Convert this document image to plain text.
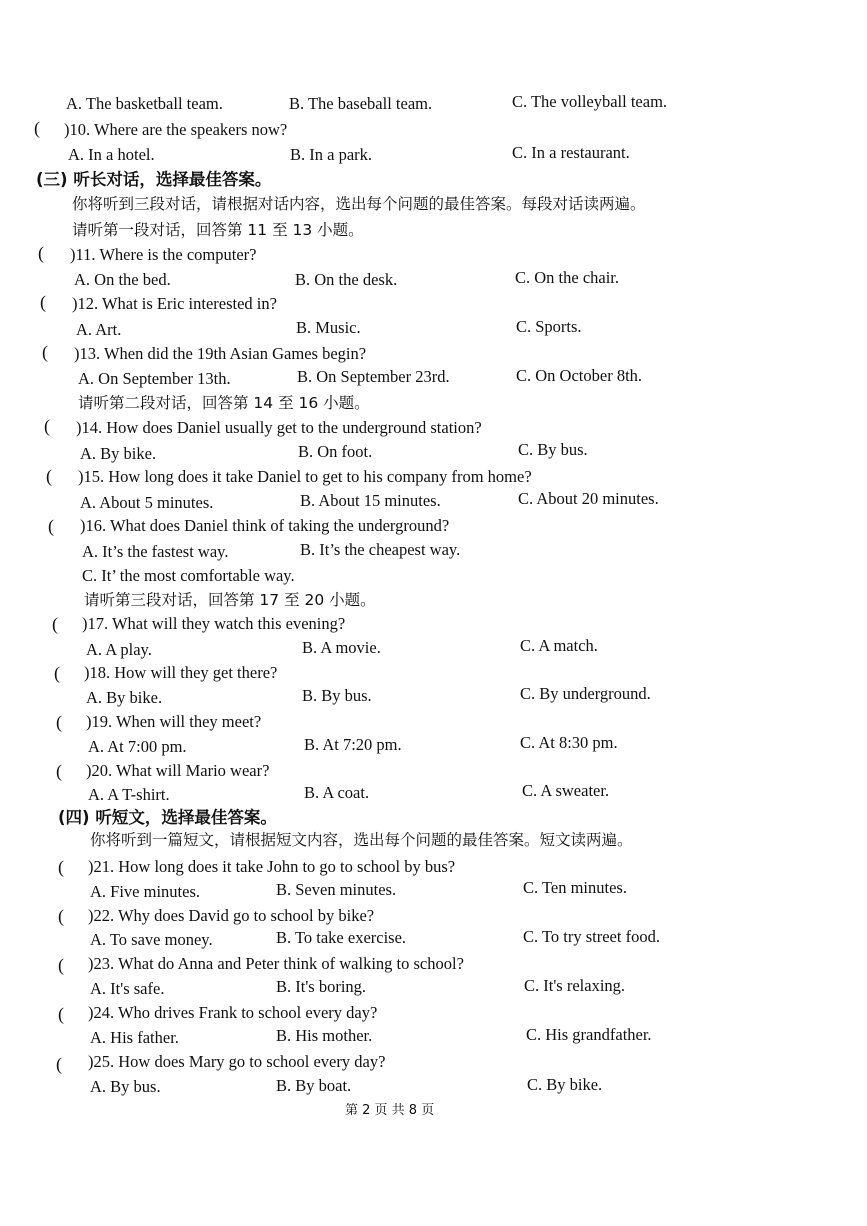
A. The basketball team.	B. The baseball team.	C. The volleyball team.
( )10. Where are the speakers now?
A. In a hotel.	B. In a park.	C. In a restaurant.
(三) 听长对话，选择最佳答案。
你将听到三段对话，请根据对话内容，选出每个问题的最佳答案。每段对话读两遍。
请听第一段对话，回答第 11 至 13 小题。
( )11. Where is the computer?
A. On the bed.	B. On the desk.	C. On the chair.
( )12. What is Eric interested in?
A. Art.	B. Music.	C. Sports.
( )13. When did the 19th Asian Games begin?
A. On September 13th.	B. On September 23rd.	C. On October 8th.
请听第二段对话，回答第 14 至 16 小题。
( )14. How does Daniel usually get to the underground station?
A. By bike.	B. On foot.	C. By bus.
( )15. How long does it take Daniel to get to his company from home?
A. About 5 minutes.	B. About 15 minutes.	C. About 20 minutes.
( )16. What does Daniel think of taking the underground?
A. It’s the fastest way.	B. It’s the cheapest way.
C. It’ the most comfortable way.
请听第三段对话，回答第 17 至 20 小题。
( )17. What will they watch this evening?
A. A play.	B. A movie.	C. A match.
( )18. How will they get there?
A. By bike.	B. By bus.	C. By underground.
( )19. When will they meet?
A. At 7:00 pm.	B. At 7:20 pm.	C. At 8:30 pm.
( )20. What will Mario wear?
A. A T-shirt.	B. A coat.	C. A sweater.
(四) 听短文，选择最佳答案。
你将听到一篇短文，请根据短文内容，选出每个问题的最佳答案。短文读两遍。
( )21. How long does it take John to go to school by bus?
A. Five minutes.	B. Seven minutes.	C. Ten minutes.
( )22. Why does David go to school by bike?
A. To save money.	B. To take exercise.	C. To try street food.
( )23. What do Anna and Peter think of walking to school?
A. It's safe.	B. It's boring.	C. It's relaxing.
( )24. Who drives Frank to school every day?
A. His father.	B. His mother.	C. His grandfather.
( )25. How does Mary go to school every day?
A. By bus.	B. By boat.	C. By bike.
第 2 页 共 8 页
